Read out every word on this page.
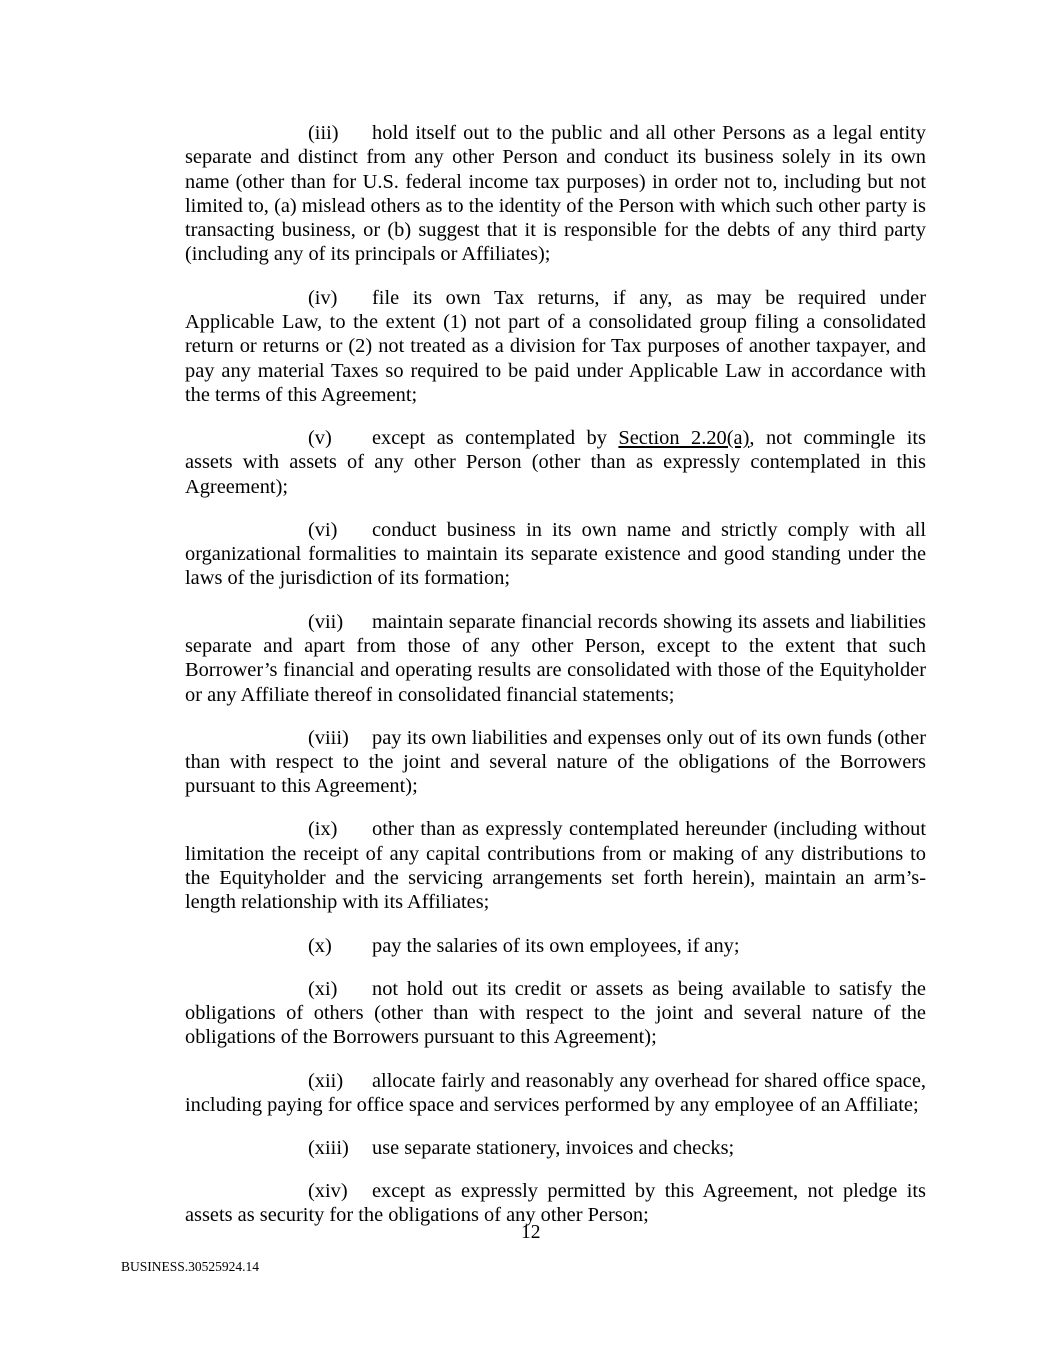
(iii) hold itself out to the public and all other Persons as a legal entity separate and distinct from any other Person and conduct its business solely in its own name (other than for U.S. federal income tax purposes) in order not to, including but not limited to, (a) mislead others as to the identity of the Person with which such other party is transacting business, or (b) suggest that it is responsible for the debts of any third party (including any of its principals or Affiliates);

(iv) file its own Tax returns, if any, as may be required under Applicable Law, to the extent (1) not part of a consolidated group filing a consolidated return or returns or (2) not treated as a division for Tax purposes of another taxpayer, and pay any material Taxes so required to be paid under Applicable Law in accordance with the terms of this Agreement;

(v) except as contemplated by Section 2.20(a), not commingle its assets with assets of any other Person (other than as expressly contemplated in this Agreement);

(vi) conduct business in its own name and strictly comply with all organizational formalities to maintain its separate existence and good standing under the laws of the jurisdiction of its formation;

(vii) maintain separate financial records showing its assets and liabilities separate and apart from those of any other Person, except to the extent that such Borrower’s financial and operating results are consolidated with those of the Equityholder or any Affiliate thereof in consolidated financial statements;

(viii) pay its own liabilities and expenses only out of its own funds (other than with respect to the joint and several nature of the obligations of the Borrowers pursuant to this Agreement);

(ix) other than as expressly contemplated hereunder (including without limitation the receipt of any capital contributions from or making of any distributions to the Equityholder and the servicing arrangements set forth herein), maintain an arm’s-length relationship with its Affiliates;

(x) pay the salaries of its own employees, if any;

(xi) not hold out its credit or assets as being available to satisfy the obligations of others (other than with respect to the joint and several nature of the obligations of the Borrowers pursuant to this Agreement);

(xii) allocate fairly and reasonably any overhead for shared office space, including paying for office space and services performed by any employee of an Affiliate;

(xiii) use separate stationery, invoices and checks;

(xiv) except as expressly permitted by this Agreement, not pledge its assets as security for the obligations of any other Person;

12
BUSINESS.30525924.14
